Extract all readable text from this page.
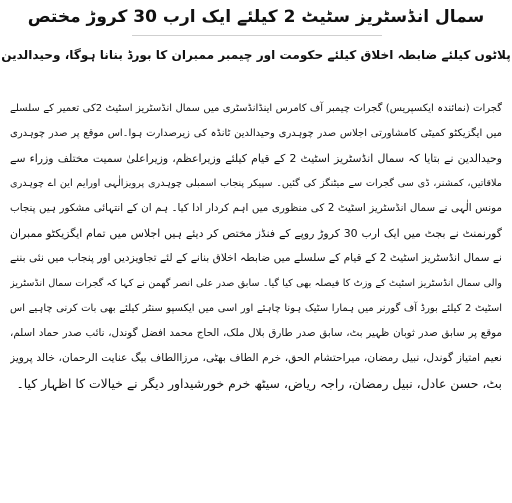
سمال انڈسٹریز سٹیٹ 2 کیلئے ایک ارب 30 کروڑ مختص
پلاٹوں کیلئے ضابطہ اخلاق کیلئے حکومت اور چیمبر ممبران کا بورڈ بنانا ہوگا، وحیدالدین
گجرات (نمائندہ ایکسپریس) گجرات چیمبر آف کامرس اینڈانڈسٹری میں سمال انڈسٹریز اسٹیٹ 2کی تعمیر کے سلسلے
میں ایگزیکٹو کمیٹی کامشاورتی اجلاس صدر چوہدری وحیدالدین ٹانڈہ کی زیرصدارت ہوا۔اس موقع پر صدر چوہدری
وحیدالدین نے بتایا کہ سمال انڈسٹریز اسٹیٹ 2 کے قیام کیلئے وزیراعظم، وزیراعلیٰ سمیت مختلف وزراء سے
ملاقاتیں، کمشنر، ڈی سی گجرات سے میٹنگز کی گئیں۔ سپیکر پنجاب اسمبلی چوہدری پرویزالٰہی اورایم این اے چوہدری
مونس الٰہی نے سمال انڈسٹریز اسٹیٹ 2 کی منظوری میں اہم کردار ادا کیا۔ ہم ان کے انتہائی مشکور ہیں پنجاب
گورنمنٹ نے بجٹ میں ایک ارب 30 کروڑ روپے کے فنڈز مختص کر دیئے ہیں اجلاس میں تمام ایگزیکٹو ممبران
نے سمال انڈسٹریز اسٹیٹ 2 کے قیام کے سلسلے میں ضابطہ اخلاق بنانے کے لئے تجاویزدیں اور پنجاب میں نئی بننے
والی سمال انڈسٹریز اسٹیٹ کے وزٹ کا فیصلہ بھی کیا گیا۔ سابق صدر علی انصر گھمن نے کہا کہ گجرات سمال انڈسٹریز
اسٹیٹ 2 کیلئے بورڈ آف گورنر میں ہمارا سٹیک ہونا چاہئے اور اسی میں ایکسپو سنٹر کیلئے بھی بات کرنی چاہیے اس
موقع پر سابق صدر ثوبان ظہیر بٹ، سابق صدر طارق بلال ملک، الحاج محمد افضل گوندل، نائب صدر حماد اسلم،
نعیم امتیاز گوندل، نبیل رمضان، میراحتشام الحق، خرم الطاف بھٹی، مرزاالطاف بیگ عنایت الرحمان، خالد پرویز
بٹ، حسن عادل، نبیل رمضان، راجہ ریاض، سیٹھ خرم خورشیداور دیگر نے خیالات کا اظہار کیا۔
